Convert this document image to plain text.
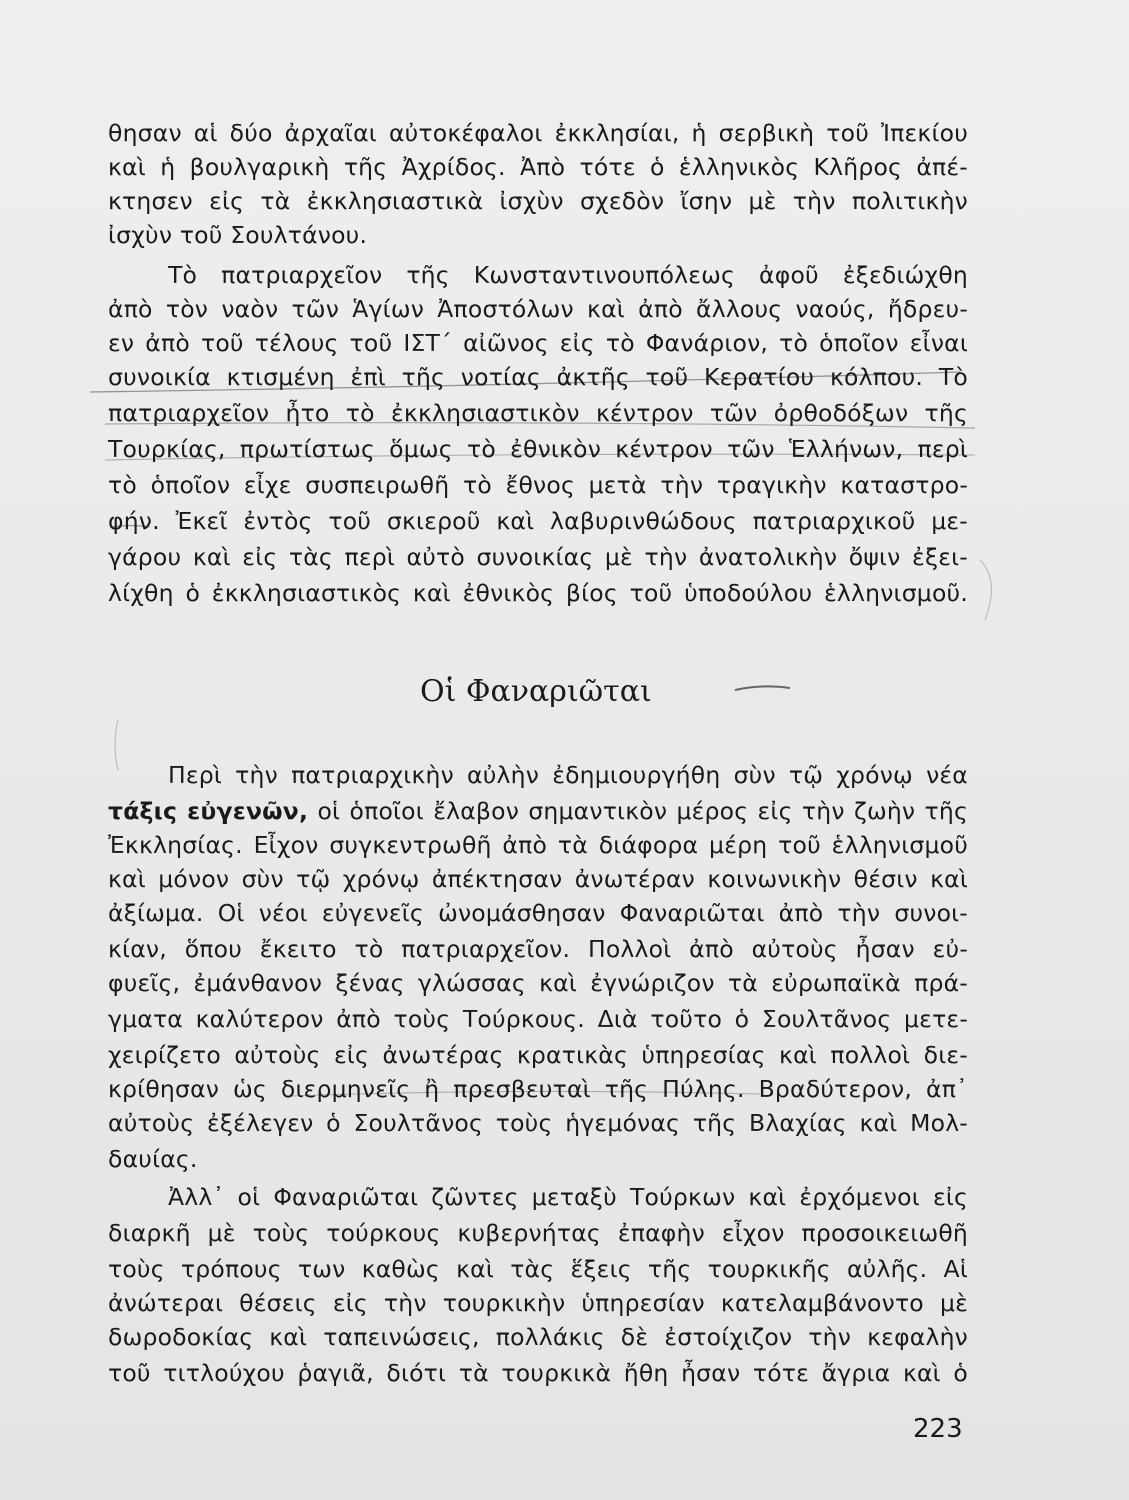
θησαν αἱ δύο ἀρχαῖαι αὐτοκέφαλοι ἐκκλησίαι, ἡ σερβικὴ τοῦ Ἰπεκίου
καὶ ἡ βουλγαρικὴ τῆς Ἀχρίδος. Ἀπὸ τότε ὁ ἑλληνικὸς Κλῆρος ἀπέ-
κτησεν εἰς τὰ ἐκκλησιαστικὰ ἰσχὺν σχεδὸν ἴσην μὲ τὴν πολιτικὴν
ἰσχὺν τοῦ Σουλτάνου.
Τὸ πατριαρχεῖον τῆς Κωνσταντινουπόλεως ἀφοῦ ἐξεδιώχθη
ἀπὸ τὸν ναὸν τῶν Ἁγίων Ἀποστόλων καὶ ἀπὸ ἄλλους ναούς, ἤδρευ-
εν ἀπὸ τοῦ τέλους τοῦ ΙΣΤ΄ αἰῶνος εἰς τὸ Φανάριον, τὸ ὁποῖον εἶναι
συνοικία κτισμένη ἐπὶ τῆς νοτίας ἀκτῆς τοῦ Κερατίου κόλπου. Τὸ
πατριαρχεῖον ἦτο τὸ ἐκκλησιαστικὸν κέντρον τῶν ὀρθοδόξων τῆς
Τουρκίας, πρωτίστως ὅμως τὸ ἐθνικὸν κέντρον τῶν Ἑλλήνων, περὶ
τὸ ὁποῖον εἶχε συσπειρωθῆ τὸ ἔθνος μετὰ τὴν τραγικὴν καταστρο-
φήν. Ἐκεῖ ἐντὸς τοῦ σκιεροῦ καὶ λαβυρινθώδους πατριαρχικοῦ με-
γάρου καὶ εἰς τὰς περὶ αὐτὸ συνοικίας μὲ τὴν ἀνατολικὴν ὄψιν ἐξει-
λίχθη ὁ ἐκκλησιαστικὸς καὶ ἐθνικὸς βίος τοῦ ὑποδούλου ἑλληνισμοῦ.
Οἱ Φαναριῶται
Περὶ τὴν πατριαρχικὴν αὐλὴν ἐδημιουργήθη σὺν τῷ χρόνῳ νέα
τάξις εὐγενῶν, οἱ ὁποῖοι ἔλαβον σημαντικὸν μέρος εἰς τὴν ζωὴν τῆς
Ἐκκλησίας. Εἶχον συγκεντρωθῆ ἀπὸ τὰ διάφορα μέρη τοῦ ἑλληνισμοῦ
καὶ μόνον σὺν τῷ χρόνῳ ἀπέκτησαν ἀνωτέραν κοινωνικὴν θέσιν καὶ
ἀξίωμα. Οἱ νέοι εὐγενεῖς ὠνομάσθησαν Φαναριῶται ἀπὸ τὴν συνοι-
κίαν, ὅπου ἔκειτο τὸ πατριαρχεῖον. Πολλοὶ ἀπὸ αὐτοὺς ἦσαν εὐ-
φυεῖς, ἐμάνθανον ξένας γλώσσας καὶ ἐγνώριζον τὰ εὐρωπαϊκὰ πρά-
γματα καλύτερον ἀπὸ τοὺς Τούρκους. Διὰ τοῦτο ὁ Σουλτᾶνος μετε-
χειρίζετο αὐτοὺς εἰς ἀνωτέρας κρατικὰς ὑπηρεσίας καὶ πολλοὶ διε-
κρίθησαν ὡς διερμηνεῖς ἢ πρεσβευταὶ τῆς Πύλης. Βραδύτερον, ἀπ᾽
αὐτοὺς ἐξέλεγεν ὁ Σουλτᾶνος τοὺς ἡγεμόνας τῆς Βλαχίας καὶ Μολ-
δαυίας.
Ἀλλ᾽ οἱ Φαναριῶται ζῶντες μεταξὺ Τούρκων καὶ ἐρχόμενοι εἰς
διαρκῆ μὲ τοὺς τούρκους κυβερνήτας ἐπαφὴν εἶχον προσοικειωθῆ
τοὺς τρόπους των καθὼς καὶ τὰς ἕξεις τῆς τουρκικῆς αὐλῆς. Αἱ
ἀνώτεραι θέσεις εἰς τὴν τουρκικὴν ὑπηρεσίαν κατελαμβάνοντο μὲ
δωροδοκίας καὶ ταπεινώσεις, πολλάκις δὲ ἐστοίχιζον τὴν κεφαλὴν
τοῦ τιτλούχου ῥαγιᾶ, διότι τὰ τουρκικὰ ἤθη ἦσαν τότε ἄγρια καὶ ὁ
223
